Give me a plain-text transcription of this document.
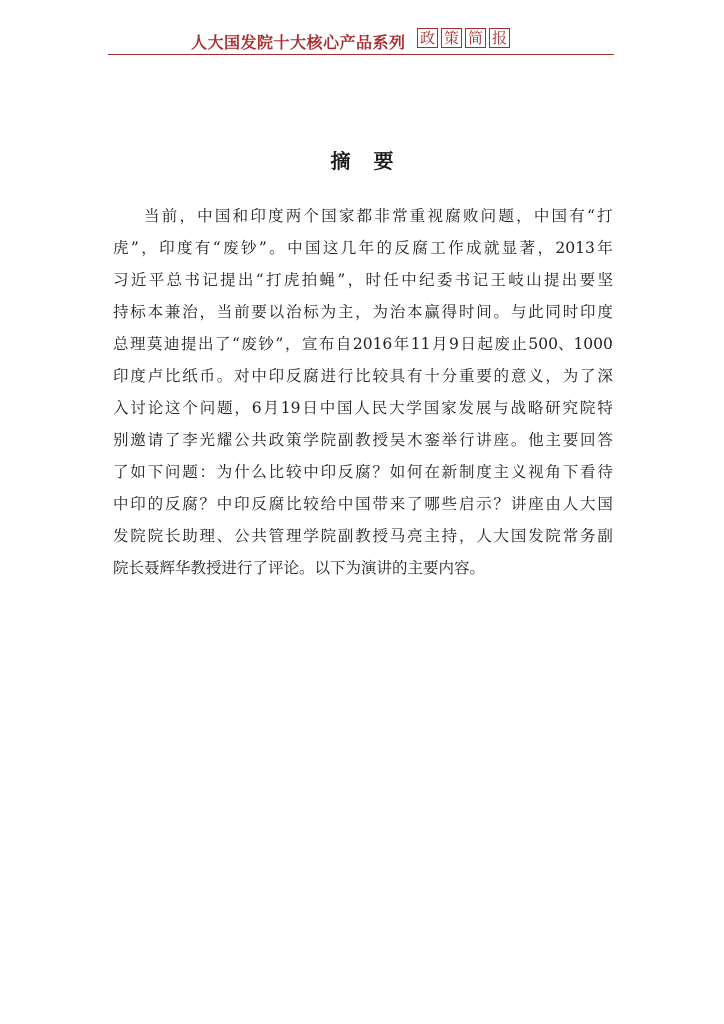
人大国发院十大核心产品系列 政 策 简 报
摘 要
当 前 ， 中 国 和 印 度 两 个 国 家 都 非 常 重 视 腐 败 问 题 ， 中 国 有 “ 打
虎 ” ， 印 度 有 “ 废 钞 ” 。 中 国 这 几 年 的 反 腐 工 作 成 就 显 著 ， 2013 年
习 近 平 总 书 记 提 出 “ 打 虎 拍 蝇 ” ， 时 任 中 纪 委 书 记 王 岐 山 提 出 要 坚
持 标 本 兼 治 ， 当 前 要 以 治 标 为 主 ， 为 治 本 赢 得 时 间 。 与 此 同 时 印 度
总 理 莫 迪 提 出 了 “ 废 钞 ” ， 宣 布 自 2016 年 11 月 9 日 起 废 止 500、1000
印 度 卢 比 纸 币 。 对 中 印 反 腐 进 行 比 较 具 有 十 分 重 要 的 意 义 ， 为 了 深
入 讨 论 这 个 问 题 ， 6 月 19 日 中 国 人 民 大 学 国 家 发 展 与 战 略 研 究 院 特
别 邀 请 了 李 光 耀 公 共 政 策 学 院 副 教 授 吴 木 銮 举 行 讲 座 。 他 主 要 回 答
了 如 下 问 题 ： 为 什 么 比 较 中 印 反 腐 ？ 如 何 在 新 制 度 主 义 视 角 下 看 待
中 印 的 反 腐 ？ 中 印 反 腐 比 较 给 中 国 带 来 了 哪 些 启 示 ？ 讲 座 由 人 大 国
发 院 院 长 助 理 、 公 共 管 理 学 院 副 教 授 马 亮 主 持 ， 人 大 国 发 院 常 务 副
院长聂辉华教授进行了评论。以下为演讲的主要内容。
